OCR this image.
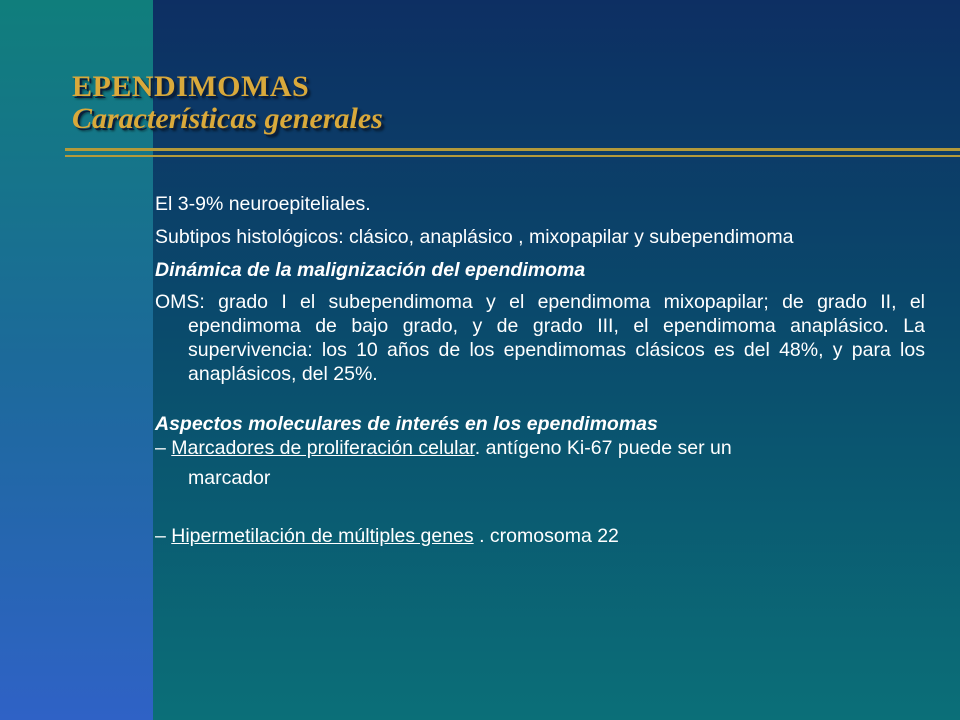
EPENDIMOMAS
Características generales

El 3-9% neuroepiteliales.

Subtipos histológicos: clásico, anaplásico , mixopapilar y subependimoma

Dinámica de la malignización del ependimoma

OMS: grado I el subependimoma y el ependimoma mixopapilar; de grado II, el ependimoma de bajo grado, y de grado III, el ependimoma anaplásico. La supervivencia: los 10 años de los ependimomas clásicos es del 48%, y para los anaplásicos, del 25%.

Aspectos moleculares de interés en los ependimomas

– Marcadores de proliferación celular. antígeno Ki-67 puede ser un

marcador

– Hipermetilación de múltiples genes . cromosoma 22
